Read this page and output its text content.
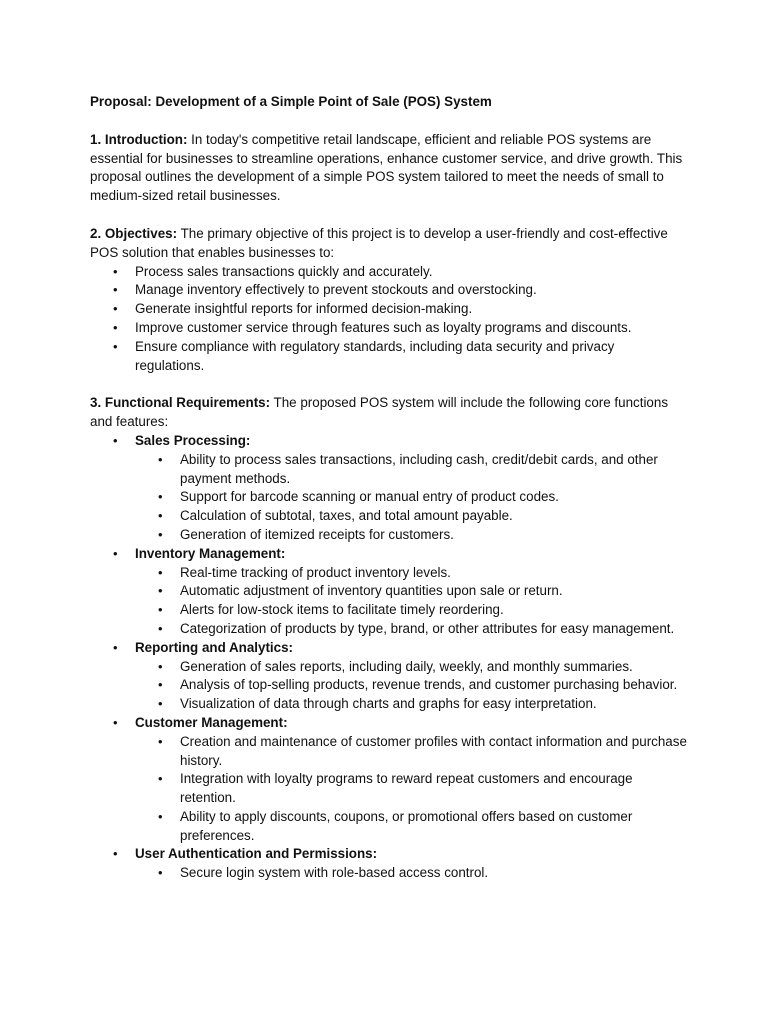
Proposal: Development of a Simple Point of Sale (POS) System

1. Introduction: In today's competitive retail landscape, efficient and reliable POS systems are essential for businesses to streamline operations, enhance customer service, and drive growth. This proposal outlines the development of a simple POS system tailored to meet the needs of small to medium-sized retail businesses.

2. Objectives: The primary objective of this project is to develop a user-friendly and cost-effective POS solution that enables businesses to:

• Process sales transactions quickly and accurately.
• Manage inventory effectively to prevent stockouts and overstocking.
• Generate insightful reports for informed decision-making.
• Improve customer service through features such as loyalty programs and discounts.
• Ensure compliance with regulatory standards, including data security and privacy regulations.

3. Functional Requirements: The proposed POS system will include the following core functions and features:

• Sales Processing:
• Ability to process sales transactions, including cash, credit/debit cards, and other payment methods.
• Support for barcode scanning or manual entry of product codes.
• Calculation of subtotal, taxes, and total amount payable.
• Generation of itemized receipts for customers.
• Inventory Management:
• Real-time tracking of product inventory levels.
• Automatic adjustment of inventory quantities upon sale or return.
• Alerts for low-stock items to facilitate timely reordering.
• Categorization of products by type, brand, or other attributes for easy management.
• Reporting and Analytics:
• Generation of sales reports, including daily, weekly, and monthly summaries.
• Analysis of top-selling products, revenue trends, and customer purchasing behavior.
• Visualization of data through charts and graphs for easy interpretation.
• Customer Management:
• Creation and maintenance of customer profiles with contact information and purchase history.
• Integration with loyalty programs to reward repeat customers and encourage retention.
• Ability to apply discounts, coupons, or promotional offers based on customer preferences.
• User Authentication and Permissions:
• Secure login system with role-based access control.
